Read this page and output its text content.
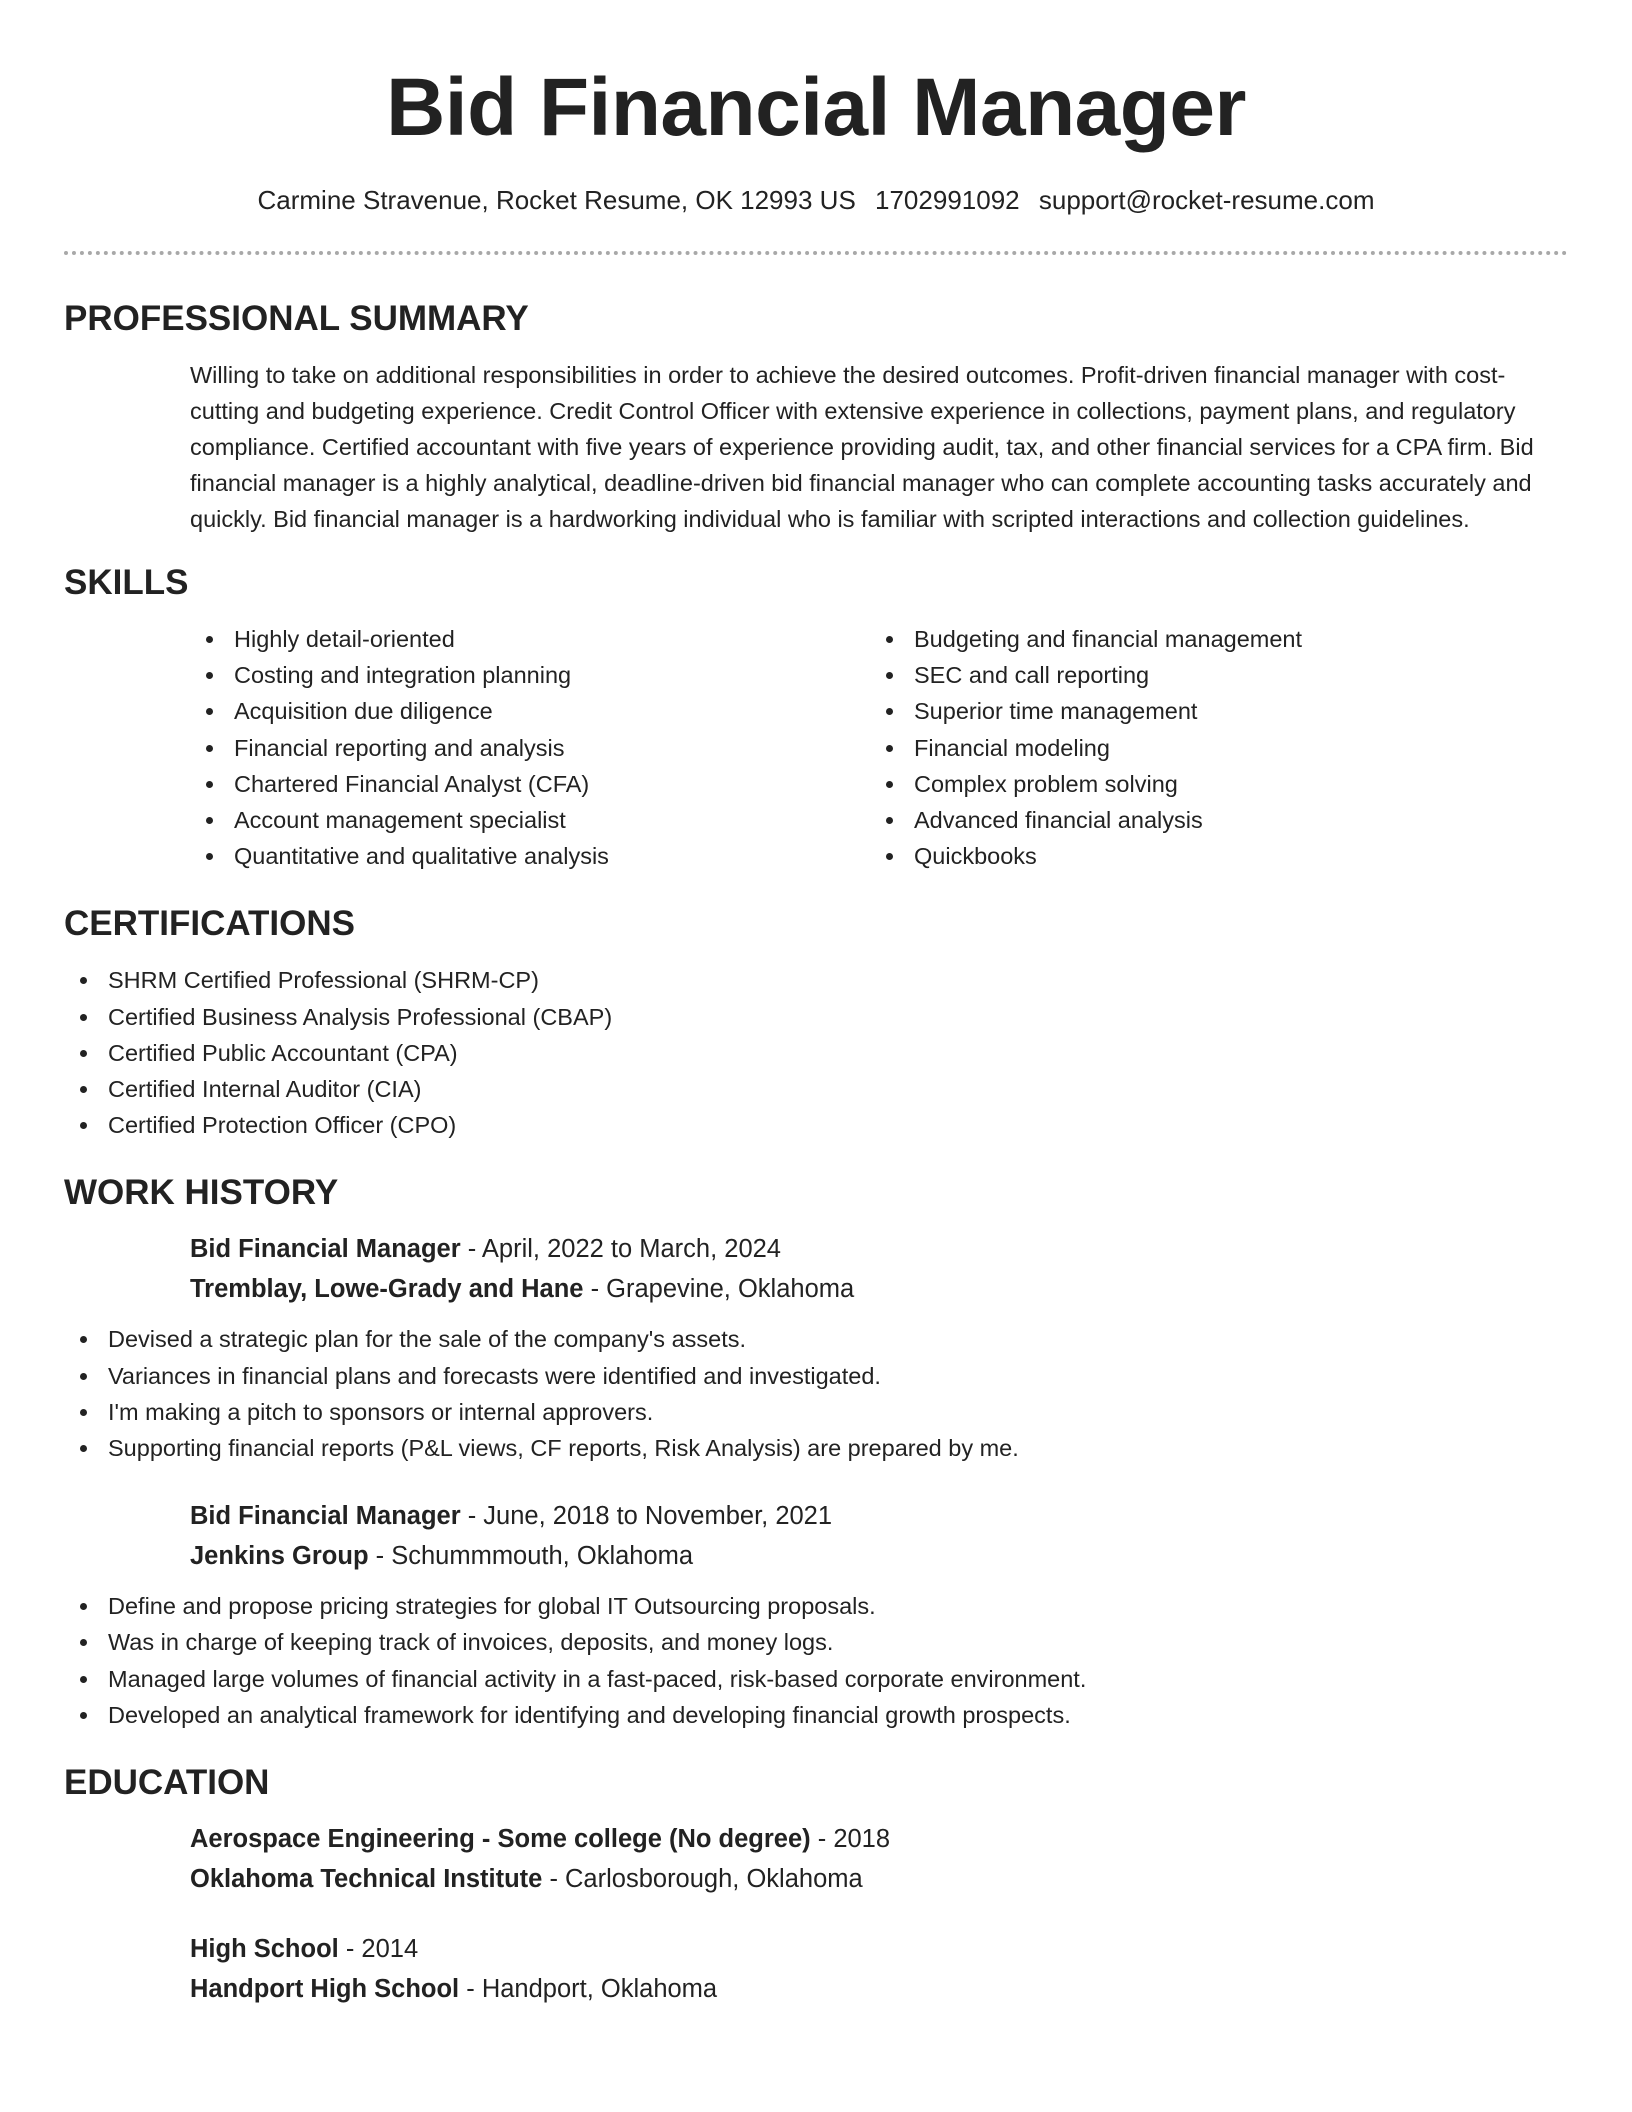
Bid Financial Manager
Carmine Stravenue, Rocket Resume, OK 12993 US 1702991092 support@rocket-resume.com
PROFESSIONAL SUMMARY

Willing to take on additional responsibilities in order to achieve the desired outcomes. Profit-driven financial manager with cost-cutting and budgeting experience. Credit Control Officer with extensive experience in collections, payment plans, and regulatory compliance. Certified accountant with five years of experience providing audit, tax, and other financial services for a CPA firm. Bid financial manager is a highly analytical, deadline-driven bid financial manager who can complete accounting tasks accurately and quickly. Bid financial manager is a hardworking individual who is familiar with scripted interactions and collection guidelines.

SKILLS
Highly detail-oriented
Costing and integration planning
Acquisition due diligence
Financial reporting and analysis
Chartered Financial Analyst (CFA)
Account management specialist
Quantitative and qualitative analysis
Budgeting and financial management
SEC and call reporting
Superior time management
Financial modeling
Complex problem solving
Advanced financial analysis
Quickbooks
CERTIFICATIONS
SHRM Certified Professional (SHRM-CP)
Certified Business Analysis Professional (CBAP)
Certified Public Accountant (CPA)
Certified Internal Auditor (CIA)
Certified Protection Officer (CPO)
WORK HISTORY
Bid Financial Manager - April, 2022 to March, 2024
Tremblay, Lowe-Grady and Hane - Grapevine, Oklahoma
Devised a strategic plan for the sale of the company's assets.
Variances in financial plans and forecasts were identified and investigated.
I'm making a pitch to sponsors or internal approvers.
Supporting financial reports (P&L views, CF reports, Risk Analysis) are prepared by me.
Bid Financial Manager - June, 2018 to November, 2021
Jenkins Group - Schummmouth, Oklahoma
Define and propose pricing strategies for global IT Outsourcing proposals.
Was in charge of keeping track of invoices, deposits, and money logs.
Managed large volumes of financial activity in a fast-paced, risk-based corporate environment.
Developed an analytical framework for identifying and developing financial growth prospects.
EDUCATION
Aerospace Engineering - Some college (No degree) - 2018
Oklahoma Technical Institute - Carlosborough, Oklahoma
High School - 2014
Handport High School - Handport, Oklahoma
